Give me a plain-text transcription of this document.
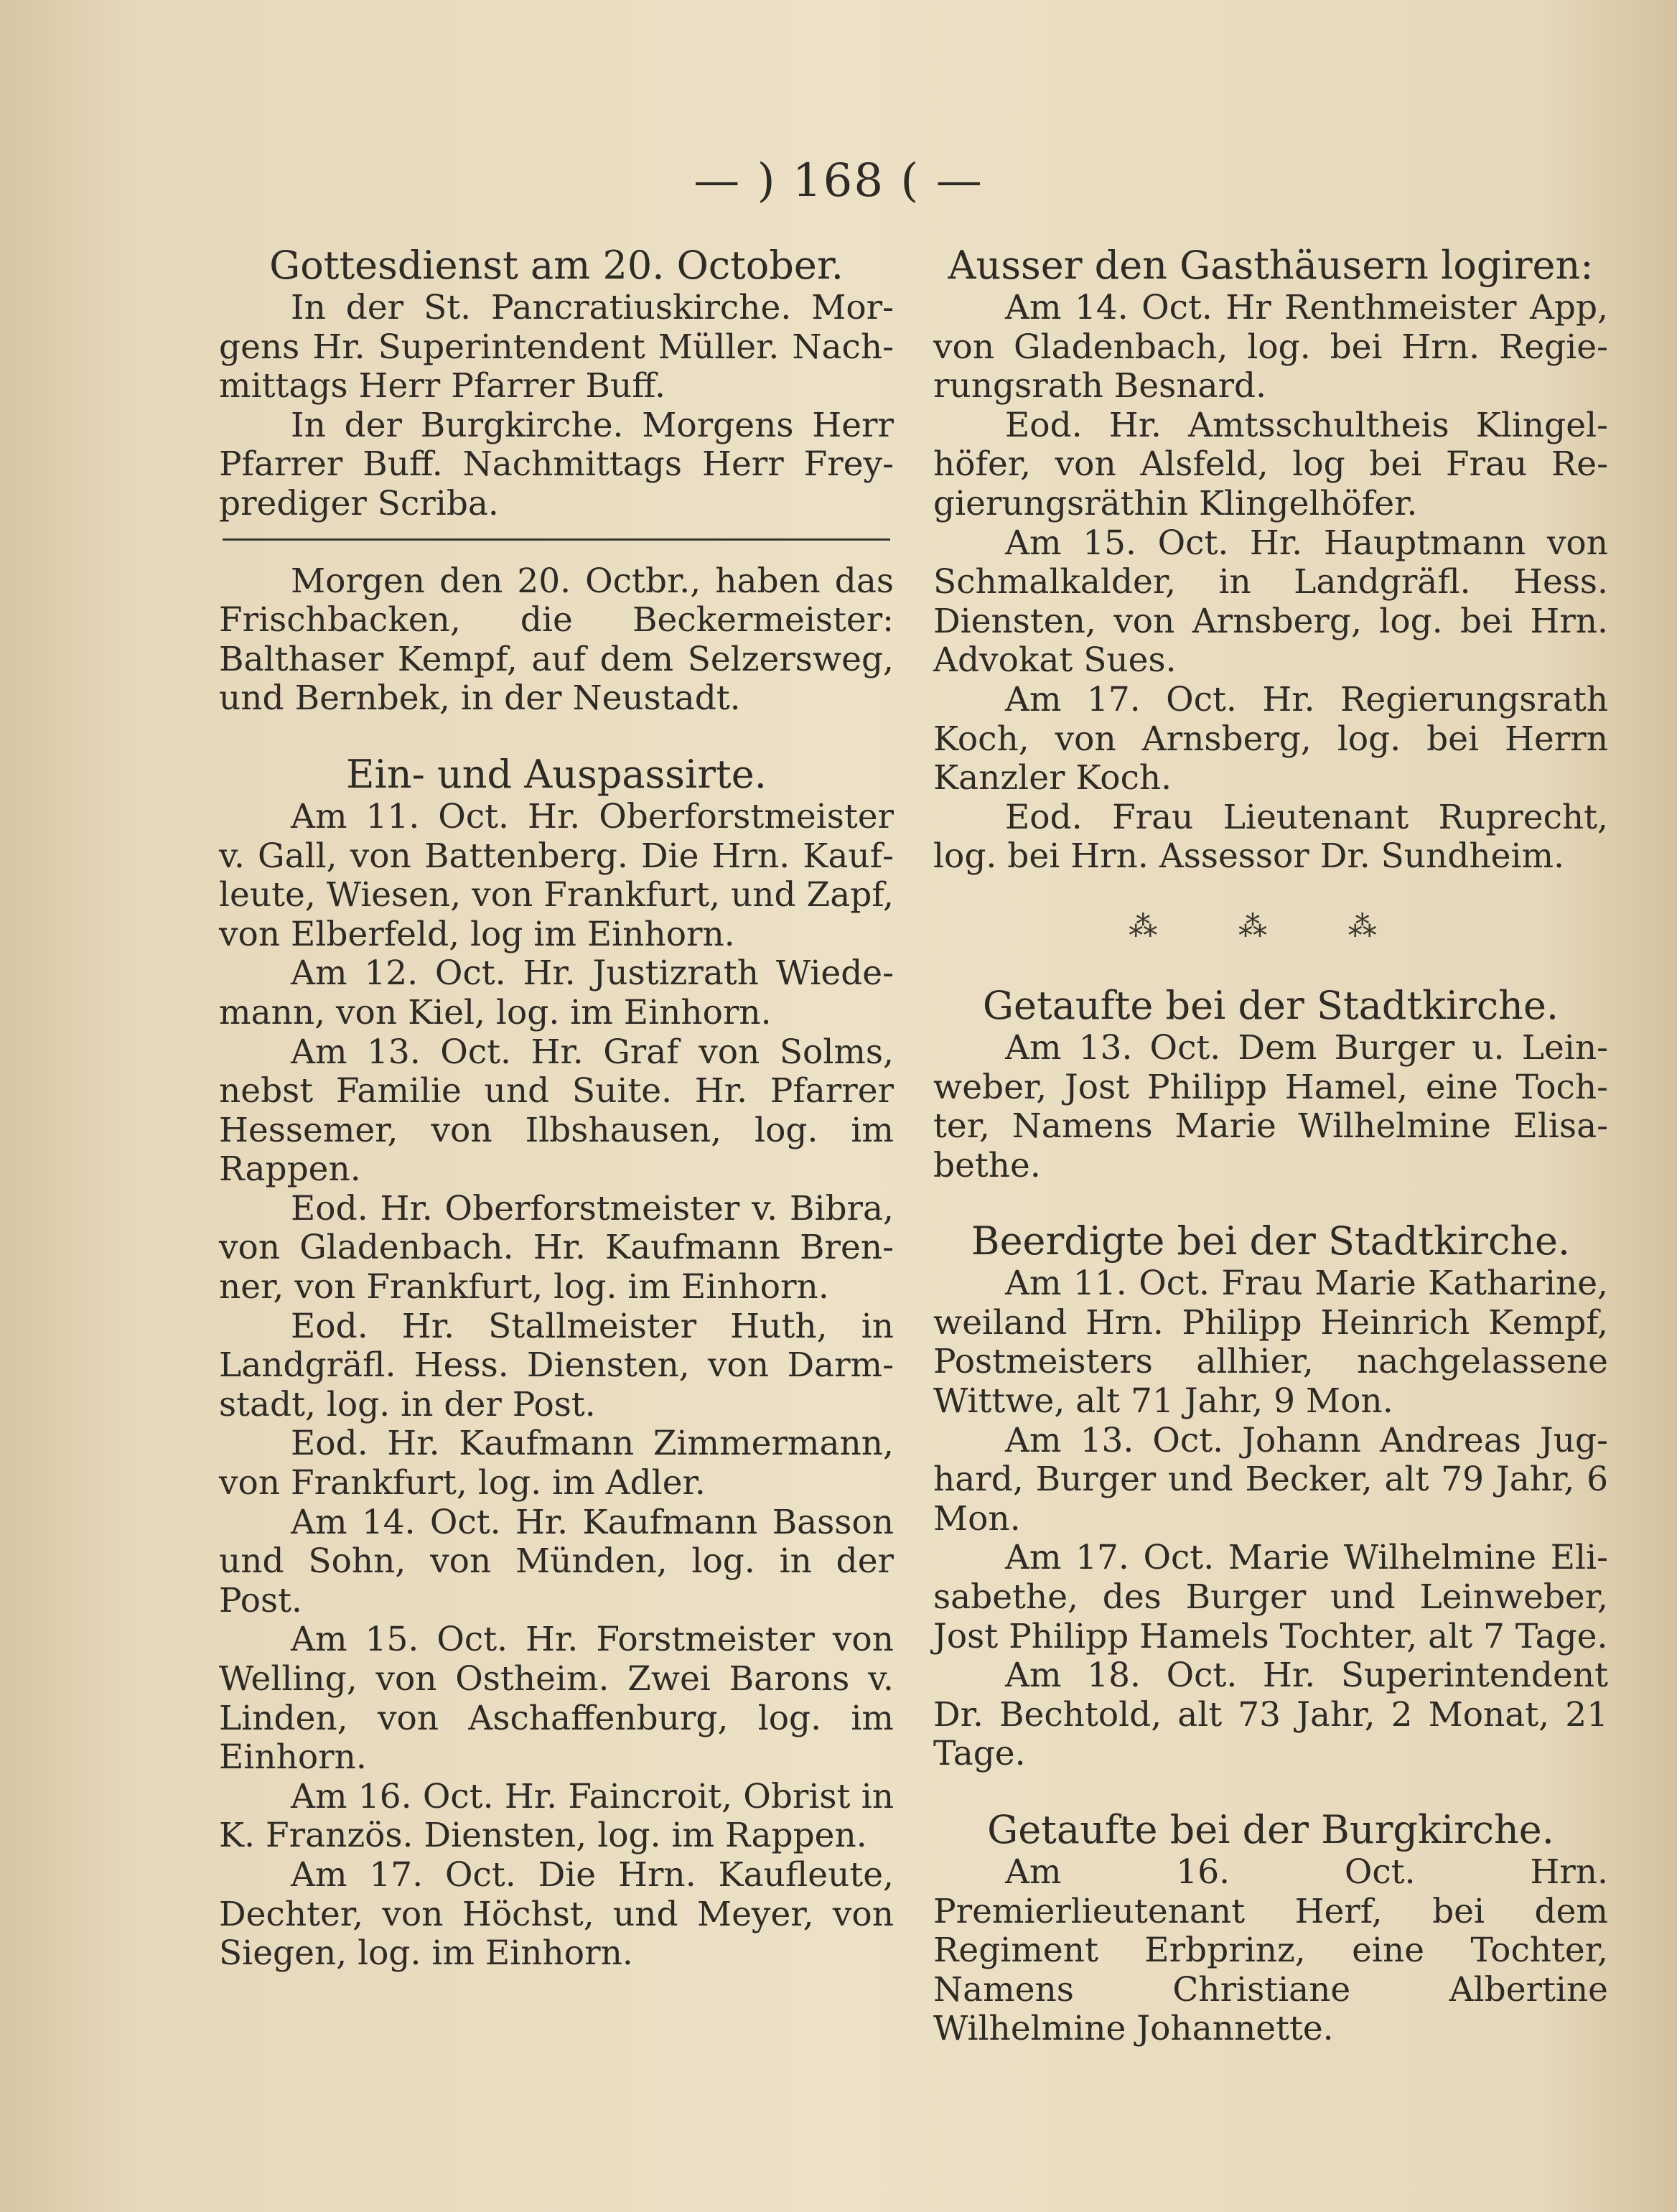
— ) 168 ( —
Gottesdienst am 20. October.

In der St. Pancratiuskirche. Morgens Hr. Superintendent Müller. Nachmittags Herr Pfarrer Buff.

In der Burgkirche. Morgens Herr Pfarrer Buff. Nachmittags Herr Freyprediger Scriba.

Morgen den 20. Octbr., haben das Frischbacken, die Beckermeister: Balthaser Kempf, auf dem Selzersweg, und Bernbek, in der Neustadt.

Ein- und Auspassirte.

Am 11. Oct. Hr. Oberforstmeister v. Gall, von Battenberg. Die Hrn. Kaufleute, Wiesen, von Frankfurt, und Zapf, von Elberfeld, log im Einhorn.

Am 12. Oct. Hr. Justizrath Wiedemann, von Kiel, log. im Einhorn.

Am 13. Oct. Hr. Graf von Solms, nebst Familie und Suite. Hr. Pfarrer Hessemer, von Ilbshausen, log. im Rappen.

Eod. Hr. Oberforstmeister v. Bibra, von Gladenbach. Hr. Kaufmann Brenner, von Frankfurt, log. im Einhorn.

Eod. Hr. Stallmeister Huth, in Landgräfl. Hess. Diensten, von Darmstadt, log. in der Post.

Eod. Hr. Kaufmann Zimmermann, von Frankfurt, log. im Adler.

Am 14. Oct. Hr. Kaufmann Basson und Sohn, von Münden, log. in der Post.

Am 15. Oct. Hr. Forstmeister von Welling, von Ostheim. Zwei Barons v. Linden, von Aschaffenburg, log. im Einhorn.

Am 16. Oct. Hr. Faincroit, Obrist in K. Französ. Diensten, log. im Rappen.

Am 17. Oct. Die Hrn. Kaufleute, Dechter, von Höchst, und Meyer, von Siegen, log. im Einhorn.

Ausser den Gasthäusern logiren:

Am 14. Oct. Hr Renthmeister App, von Gladenbach, log. bei Hrn. Regierungsrath Besnard.

Eod. Hr. Amtsschultheis Klingelhöfer, von Alsfeld, log bei Frau Regierungsräthin Klingelhöfer.

Am 15. Oct. Hr. Hauptmann von Schmalkalder, in Landgräfl. Hess. Diensten, von Arnsberg, log. bei Hrn. Advokat Sues.

Am 17. Oct. Hr. Regierungsrath Koch, von Arnsberg, log. bei Herrn Kanzler Koch.

Eod. Frau Lieutenant Ruprecht, log. bei Hrn. Assessor Dr. Sundheim.

⁂ ⁂ ⁂
Getaufte bei der Stadtkirche.

Am 13. Oct. Dem Burger u. Leinweber, Jost Philipp Hamel, eine Tochter, Namens Marie Wilhelmine Elisabethe.

Beerdigte bei der Stadtkirche.

Am 11. Oct. Frau Marie Katharine, weiland Hrn. Philipp Heinrich Kempf, Postmeisters allhier, nachgelassene Wittwe, alt 71 Jahr, 9 Mon.

Am 13. Oct. Johann Andreas Jughard, Burger und Becker, alt 79 Jahr, 6 Mon.

Am 17. Oct. Marie Wilhelmine Elisabethe, des Burger und Leinweber, Jost Philipp Hamels Tochter, alt 7 Tage.

Am 18. Oct. Hr. Superintendent Dr. Bechtold, alt 73 Jahr, 2 Monat, 21 Tage.

Getaufte bei der Burgkirche.

Am 16. Oct. Hrn. Premierlieutenant Herf, bei dem Regiment Erbprinz, eine Tochter, Namens Christiane Albertine Wilhelmine Johannette.
